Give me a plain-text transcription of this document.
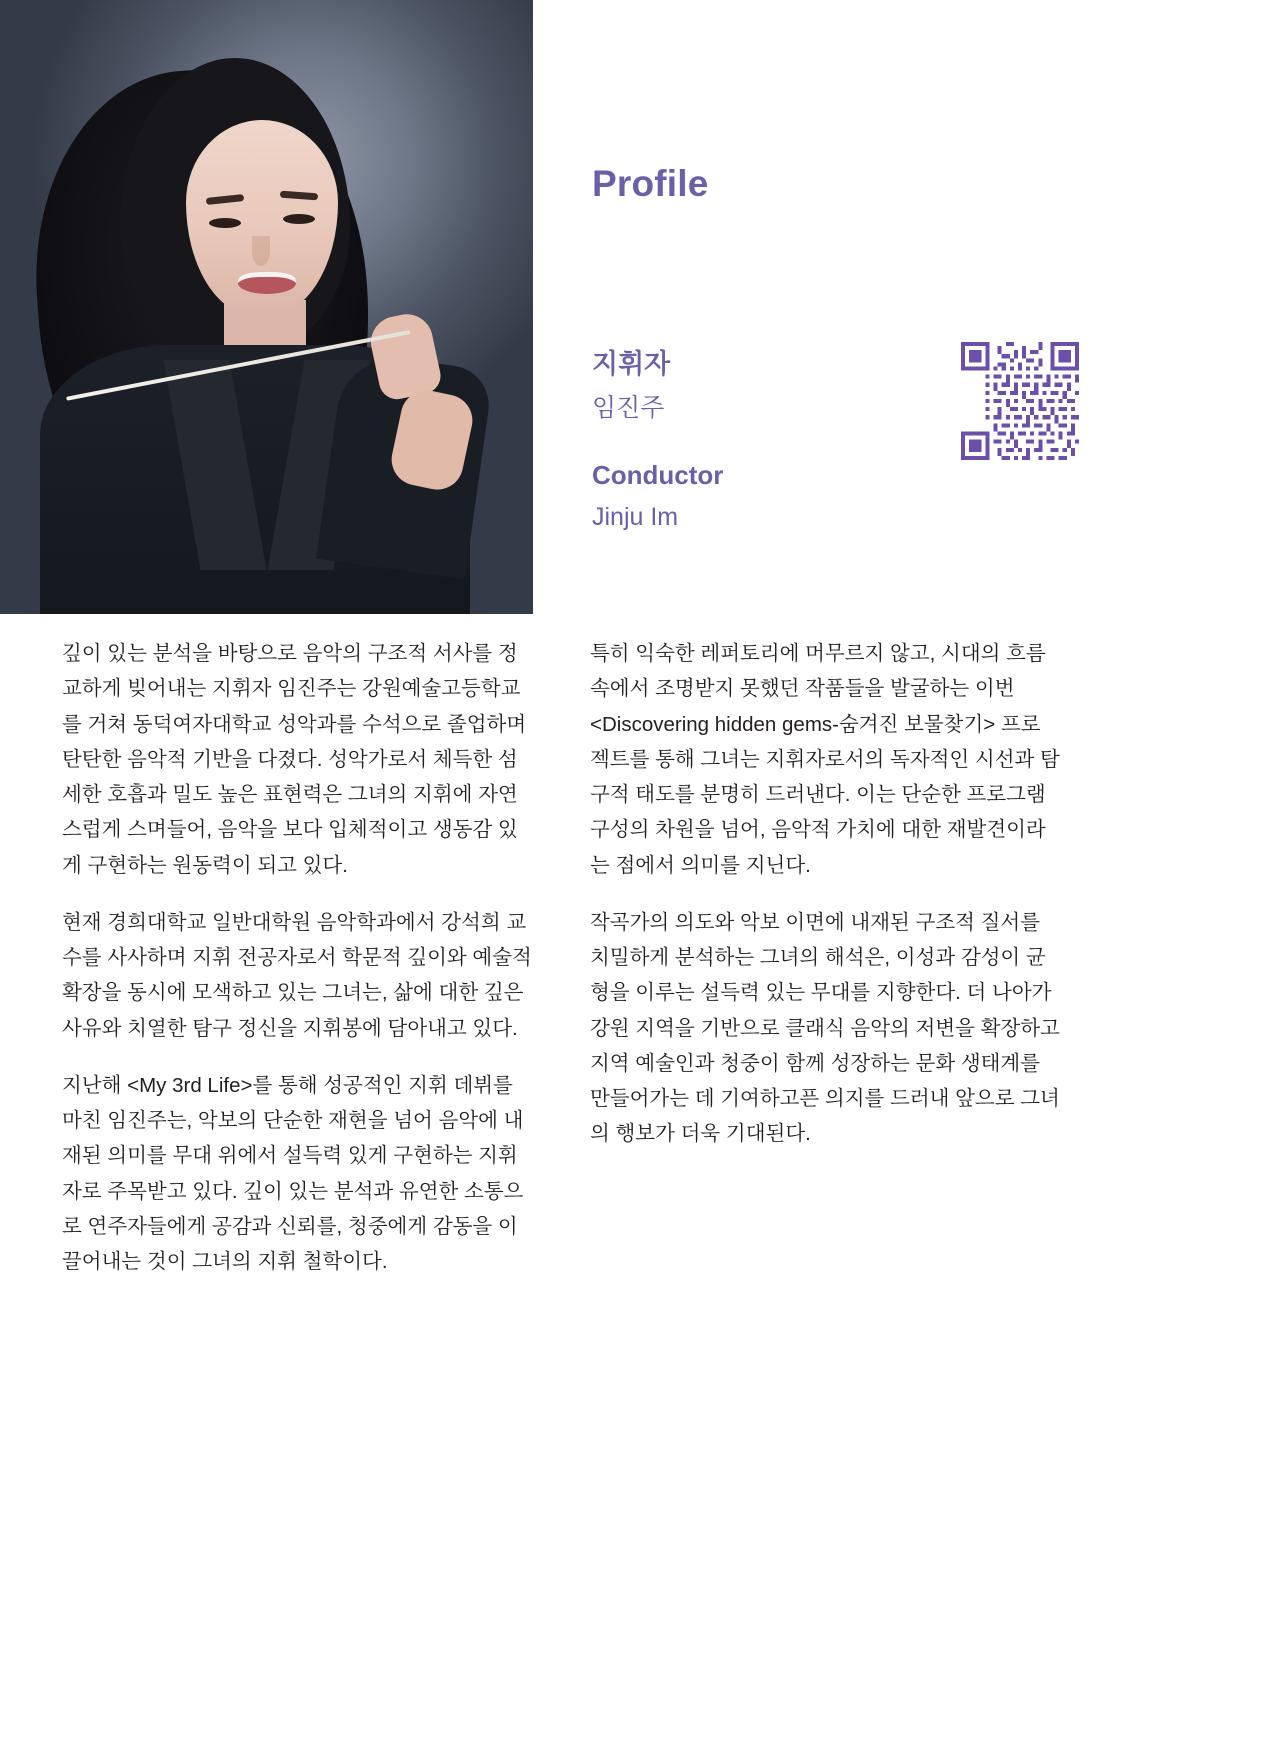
Profile
지휘자
임진주
Conductor
Jinju Im

깊이 있는 분석을 바탕으로 음악의 구조적 서사를 정교하게 빚어내는 지휘자 임진주는 강원예술고등학교를 거쳐 동덕여자대학교 성악과를 수석으로 졸업하며 탄탄한 음악적 기반을 다졌다. 성악가로서 체득한 섬세한 호흡과 밀도 높은 표현력은 그녀의 지휘에 자연스럽게 스며들어, 음악을 보다 입체적이고 생동감 있게 구현하는 원동력이 되고 있다.

현재 경희대학교 일반대학원 음악학과에서 강석희 교수를 사사하며 지휘 전공자로서 학문적 깊이와 예술적 확장을 동시에 모색하고 있는 그녀는, 삶에 대한 깊은 사유와 치열한 탐구 정신을 지휘봉에 담아내고 있다.

지난해 <My 3rd Life>를 통해 성공적인 지휘 데뷔를 마친 임진주는, 악보의 단순한 재현을 넘어 음악에 내재된 의미를 무대 위에서 설득력 있게 구현하는 지휘자로 주목받고 있다. 깊이 있는 분석과 유연한 소통으로 연주자들에게 공감과 신뢰를, 청중에게 감동을 이끌어내는 것이 그녀의 지휘 철학이다.

특히 익숙한 레퍼토리에 머무르지 않고, 시대의 흐름 속에서 조명받지 못했던 작품들을 발굴하는 이번 <Discovering hidden gems-숨겨진 보물찾기> 프로젝트를 통해 그녀는 지휘자로서의 독자적인 시선과 탐구적 태도를 분명히 드러낸다. 이는 단순한 프로그램 구성의 차원을 넘어, 음악적 가치에 대한 재발견이라는 점에서 의미를 지닌다.

작곡가의 의도와 악보 이면에 내재된 구조적 질서를 치밀하게 분석하는 그녀의 해석은, 이성과 감성이 균형을 이루는 설득력 있는 무대를 지향한다. 더 나아가 강원 지역을 기반으로 클래식 음악의 저변을 확장하고 지역 예술인과 청중이 함께 성장하는 문화 생태계를 만들어가는 데 기여하고픈 의지를 드러내 앞으로 그녀의 행보가 더욱 기대된다.
